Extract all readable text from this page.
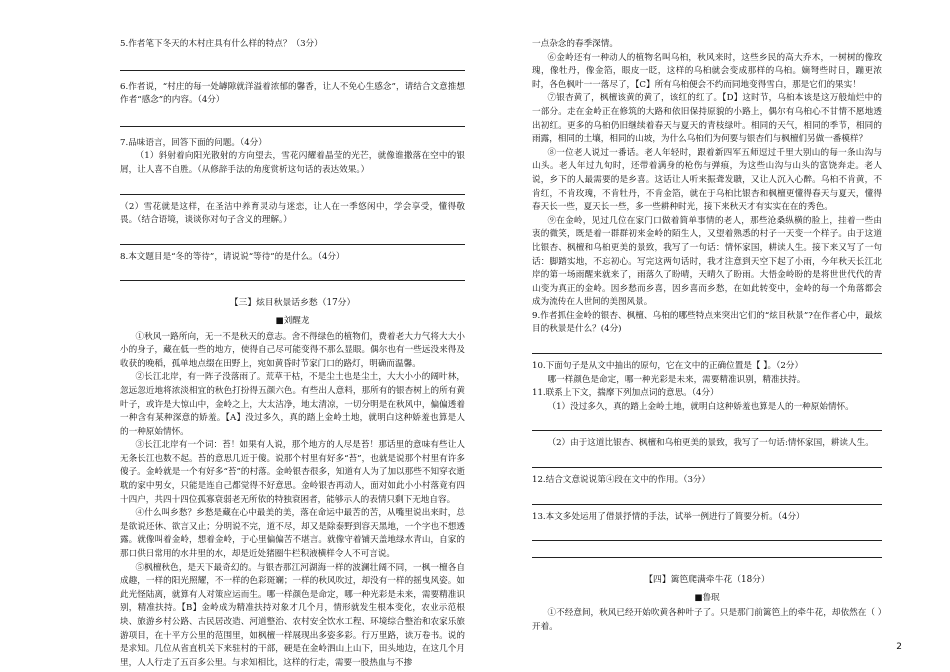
5.作者笔下冬天的木村庄具有什么样的特点？（3分）

6.作者说，“村庄的每一处罅隙就洋溢着浓郁的馨香，让人不免心生感念”，请结合文意推想作者“感念”的内容。（4分）

7.品味语言，回答下面的问题。（4分）

（1）斜射着向阳光散射的方向望去，雪花闪耀着晶莹的光芒，就像谁撒落在空中的银屑，让人喜不自胜。（从修辞手法的角度赏析这句话的表达效果。）

（2）雪花就是这样，在圣洁中养育灵动与迷恋，让人在一季悠闲中，学会享受，懂得敬畏。（结合语境，谈谈你对句子含义的理解。）

8.本文题目是“冬的等待”，请说说“等待”的是什么。（4分）

【三】炫目秋景话乡愁（17分）
■刘醒龙

①秋风一路所向，无一不是秋天的意志。舍不得绿色的植物们，费着老大力气将大大小小的身子，藏在低一些的地方，使得自己尽可能变得不那么显眼。偶尔也有一些远没来得及收获的晚稻，孤单地点缀在田野上，宛如黄昏时节家门口的路灯，明确而温馨。

②长江北岸，有一阵子没落雨了。荒草干枯，不是尘土也是尘土，大大小小的阔叶林，忽远忽近地将浓淡相宜的秋色打扮得五颜六色。有些出人意料，那所有的银杏树上的所有黄叶子，或许是大惊山中，金岭之上，大太洁净，地太清凉，一切分明是在秋风中，偏偏透着一种含有某种深意的娇羞。【A】没过多久，真的踏上金岭土地，就明白这种娇羞也算是人的一种原始情怀。

③长江北岸有一个词：苔！如果有人说，那个地方的人尽是苔！那话里的意味有些让人无条长江也数不起。苔的意思几近于傻。说那个村里有好多“苔”，也就是说那个村里有许多傻子。金岭就是一个有好多“苔”的村落。金岭银杏很多，知道有人为了加以那些不知穿衣逝耽的家中男女，只能是连自己都觉得不好意思。金岭银杏再动人，面对如此小小村落竟有四十四户，共四十四位孤寡衰弱老无所依的特独衰困者，能够示人的表情只剩下无地自容。

④什么叫乡愁？乡愁是藏在心中最美的美，落在命运中最苦的苦，从嘴里说出来时，总是欲说还休、欲言又止；分明说不完，道不尽，却又是除泰野到容天黑地，一个字也不想透露。就像叫着金岭，想着金岭，于心里偏偏苦不堪言。就像守着铺天盖地绿水青山，自家的那口供日常用的水井里的水，却是近处猪圈牛栏积液横样令人不可言说。

⑤枫檀秋色，是天下最奇幻的。与银杏那江河湖海一样的波澜壮阔不同，一枫一檀各自成趣，一样的阳光照耀，不一样的色彩斑斓；一样的秋风吹过，却没有一样的摇曳风姿。如此光怪陆离，就算有人对策应运而生。哪一样颜色是命定，哪一种光彩是未来，需要精准识别，精准扶持。【B】金岭成为精准扶持对象才几个月，情形就发生根本变化，农业示范根块、旅游乡村公路、古民居改造、河道整治、农村安全饮水工程、环境综合整治和农家乐旅游项目，在十平方公里的范围里，如枫檀一样展现出多姿多彩。行万里路，读万卷书。说的是求知。几位从省直机关下来驻村的干部，硬是在金岭泗山上山下，田头地边，在这几个月里，人人行走了五百多公里。与求知相比，这样的行走，需要一股热血与不掺

一点杂念的春季深情。

⑥金岭还有一种动人的植物名叫乌桕，秋风来时，这些乡民的高大乔木，一树树的像玫瑰，像牡丹，像金箔，眼皮一眨，这样的乌桕就会变成那样的乌桕。嫡弩些时日，蹦更浓时，各色枫叶一一落尽了，【C】所有乌桕便会不约而同地变得雪白，那是它们的果实！

⑦银杏黄了，枫檀该黄的黄了，该红的红了。【D】这时节，乌桕本该是这万般灿烂中的一部分。走在金岭正在修筑的大路和依旧保持原貌的小路上，偶尔有乌桕心不甘情不愿地透出初红。更多的乌桕仍旧继续着春天与夏天的青枝绿叶。相同的天气，相同的季节，相同的雨露，相同的土壤，相同的山坡，为什么乌桕们为何要与银杏们与枫檀们另做一番模样？

⑧一位老人说过一番话。老人年轻时，跟着新四军五师逗过千里大别山的每一条山沟与山头。老人年过九旬时，还带着满身的枪伤与弹痕，为这些山沟与山头的富饶奔走。老人说，乡下的人最需要的是乡喜。这话让人听来振聋发聩，又让人沉入心醉。乌桕不肯黄，不肯红，不肯玫瑰，不肯牡丹，不肯金箔，就在于乌桕比银杏和枫檀更懂得春天与夏天，懂得春天长一些，夏天长一些，多一些耕种时光，接下来秋天才有实实在在的秀色。

⑨在金岭，见过几位在家门口做着简单事情的老人，那些沧桑纵横的脸上，挂着一些由衷的微笑，既是着一群群初来金岭的陌生人，又望着熟悉的村子一天变一个样子。由于这道比银杏、枫檀和乌桕更美的景致，我写了一句话：情怀家国，耕读人生。接下来又写了一句话：脚踏实地，不忘初心。写完这两句话时，我才注意到天空下起了小雨，今年秋天长江北岸的第一场雨醒来就来了，雨落久了盼晴，天晴久了盼雨。大悟金岭盼的是将世世代代的青山变为真正的金岭。因乡愁而乡喜，因乡喜而乡愁，在如此转变中，金岭的每一个角落都会成为流传在人世间的美图风景。

9.作者抓住金岭的银杏、枫檀、乌桕的哪些特点来突出它们的“炫目秋景”?在作者心中，最炫目的秋景是什么？(4分)

10.下面句子是从文中抽出的原句，它在文中的正确位置是【 】。（2分）

哪一样颜色是命定，哪一种光彩是未来，需要精准识别，精准扶持。

11.联系上下文，揣摩下列加点词的意思。（4分）

（1）没过多久，真的踏上金岭土地，就明白这种娇羞也算是人的一种原始情怀。

（2）由于这道比银杏、枫檀和乌桕更美的景致，我写了一句话:情怀家国，耕读人生。

12.结合文意说说第④段在文中的作用。（3分）

13.本文多处运用了借景抒情的手法，试举一例进行了简要分析。（4分）

【四】篱笆爬满牵牛花（18分）
■鲁珉

①不经意间，秋风已经开始吹黄各种叶子了。只是那门前篱笆上的牵牛花，却依然在（ ）开着。

2
